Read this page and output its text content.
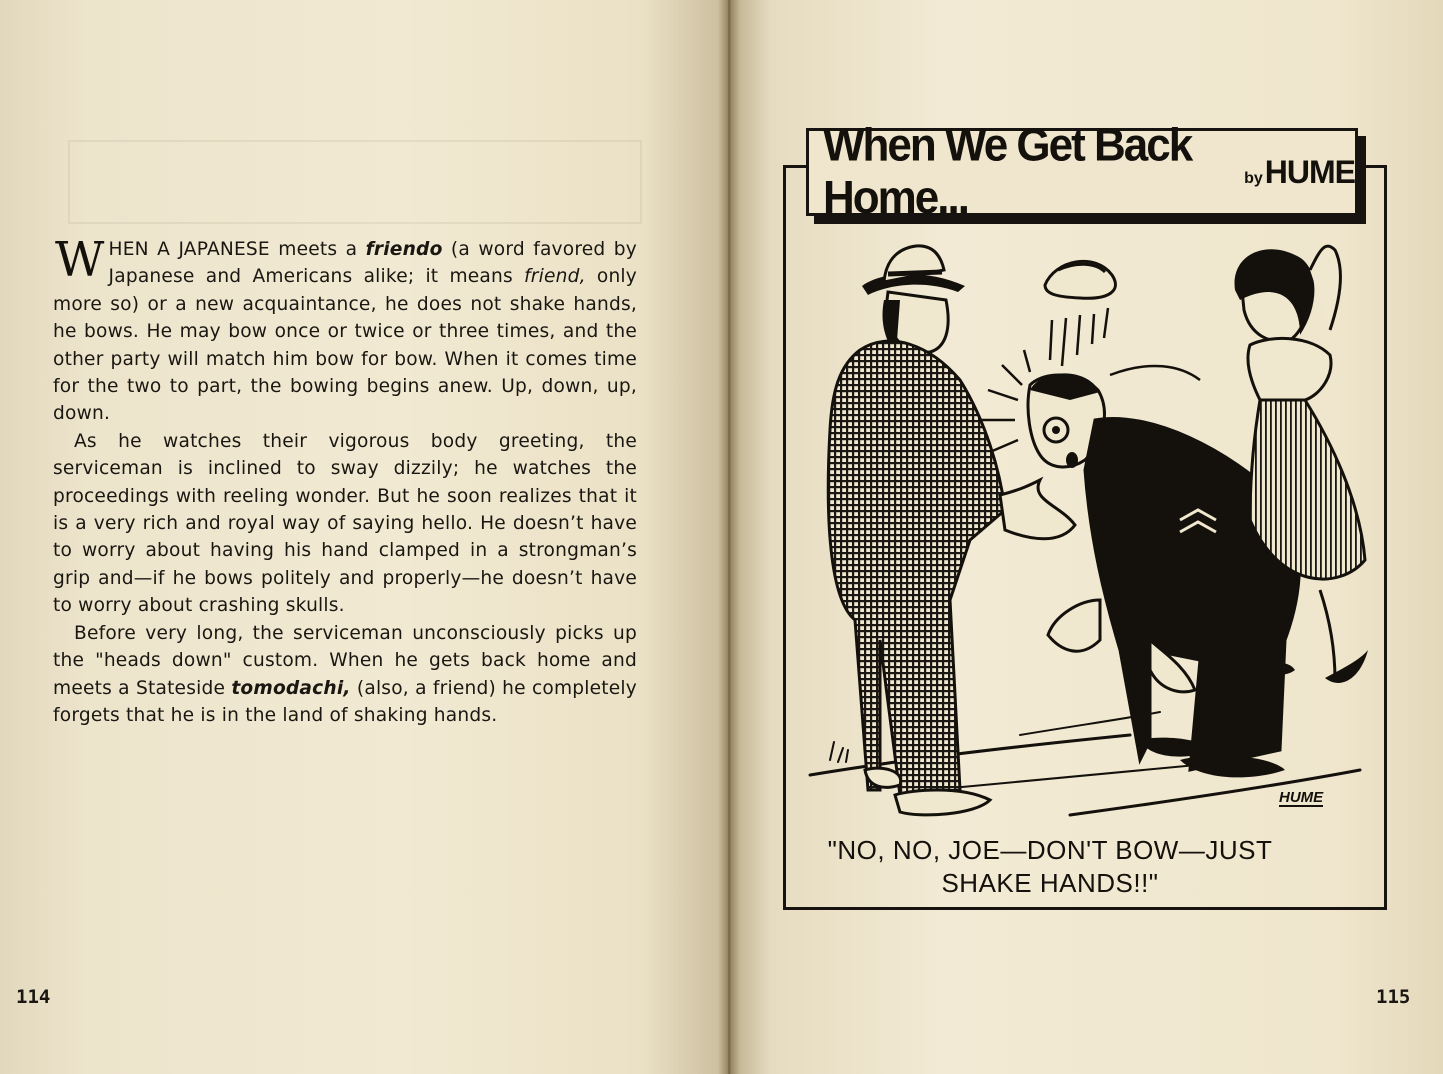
WHEN A JAPANESE meets a friendo (a word favored by Japanese and Americans alike; it means friend, only more so) or a new acquaintance, he does not shake hands, he bows. He may bow once or twice or three times, and the other party will match him bow for bow. When it comes time for the two to part, the bowing begins anew. Up, down, up, down.

As he watches their vigorous body greeting, the serviceman is inclined to sway dizzily; he watches the proceedings with reeling wonder. But he soon realizes that it is a very rich and royal way of saying hello. He doesn’t have to worry about having his hand clamped in a strongman’s grip and—if he bows politely and properly—he doesn’t have to worry about crashing skulls.

Before very long, the serviceman unconsciously picks up the "heads down" custom. When he gets back home and meets a Stateside tomodachi, (also, a friend) he completely forgets that he is in the land of shaking hands.

114
When We Get Back Home...	by HUME
HUME
"NO, NO, JOE—DON'T BOW—JUST
SHAKE HANDS!!"
115
